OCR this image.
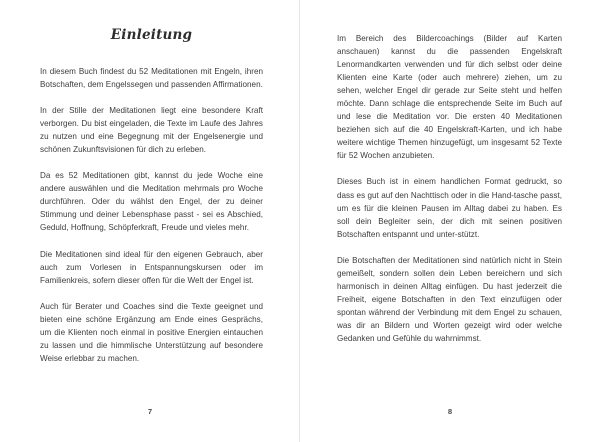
Einleitung

In diesem Buch findest du 52 Meditationen mit Engeln, ihren Botschaften, dem Engelssegen und passenden Affirmationen.

In der Stille der Meditationen liegt eine besondere Kraft verborgen. Du bist eingeladen, die Texte im Laufe des Jahres zu nutzen und eine Begegnung mit der Engelsenergie und schönen Zukunftsvisionen für dich zu erleben.

Da es 52 Meditationen gibt, kannst du jede Woche eine andere auswählen und die Meditation mehrmals pro Woche durchführen. Oder du wählst den Engel, der zu deiner Stimmung und deiner Lebensphase passt - sei es Abschied, Geduld, Hoffnung, Schöpferkraft, Freude und vieles mehr.

Die Meditationen sind ideal für den eigenen Gebrauch, aber auch zum Vorlesen in Entspannungskursen oder im Familienkreis, sofern dieser offen für die Welt der Engel ist.

Auch für Berater und Coaches sind die Texte geeignet und bieten eine schöne Ergänzung am Ende eines Gesprächs, um die Klienten noch einmal in positive Energien eintauchen zu lassen und die himmlische Unterstützung auf besondere Weise erlebbar zu machen.

7

Im Bereich des Bildercoachings (Bilder auf Karten anschauen) kannst du die passenden Engelskraft Lenormandkarten verwenden und für dich selbst oder deine Klienten eine Karte (oder auch mehrere) ziehen, um zu sehen, welcher Engel dir gerade zur Seite steht und helfen möchte. Dann schlage die entsprechende Seite im Buch auf und lese die Meditation vor. Die ersten 40 Meditationen beziehen sich auf die 40 Engelskraft-Karten, und ich habe weitere wichtige Themen hinzugefügt, um insgesamt 52 Texte für 52 Wochen anzubieten.

Dieses Buch ist in einem handlichen Format gedruckt, so dass es gut auf den Nachttisch oder in die Hand-tasche passt, um es für die kleinen Pausen im Alltag dabei zu haben. Es soll dein Begleiter sein, der dich mit seinen positiven Botschaften entspannt und unter-stützt.

Die Botschaften der Meditationen sind natürlich nicht in Stein gemeißelt, sondern sollen dein Leben bereichern und sich harmonisch in deinen Alltag einfügen. Du hast jederzeit die Freiheit, eigene Botschaften in den Text einzufügen oder spontan während der Verbindung mit dem Engel zu schauen, was dir an Bildern und Worten gezeigt wird oder welche Gedanken und Gefühle du wahrnimmst.

8
